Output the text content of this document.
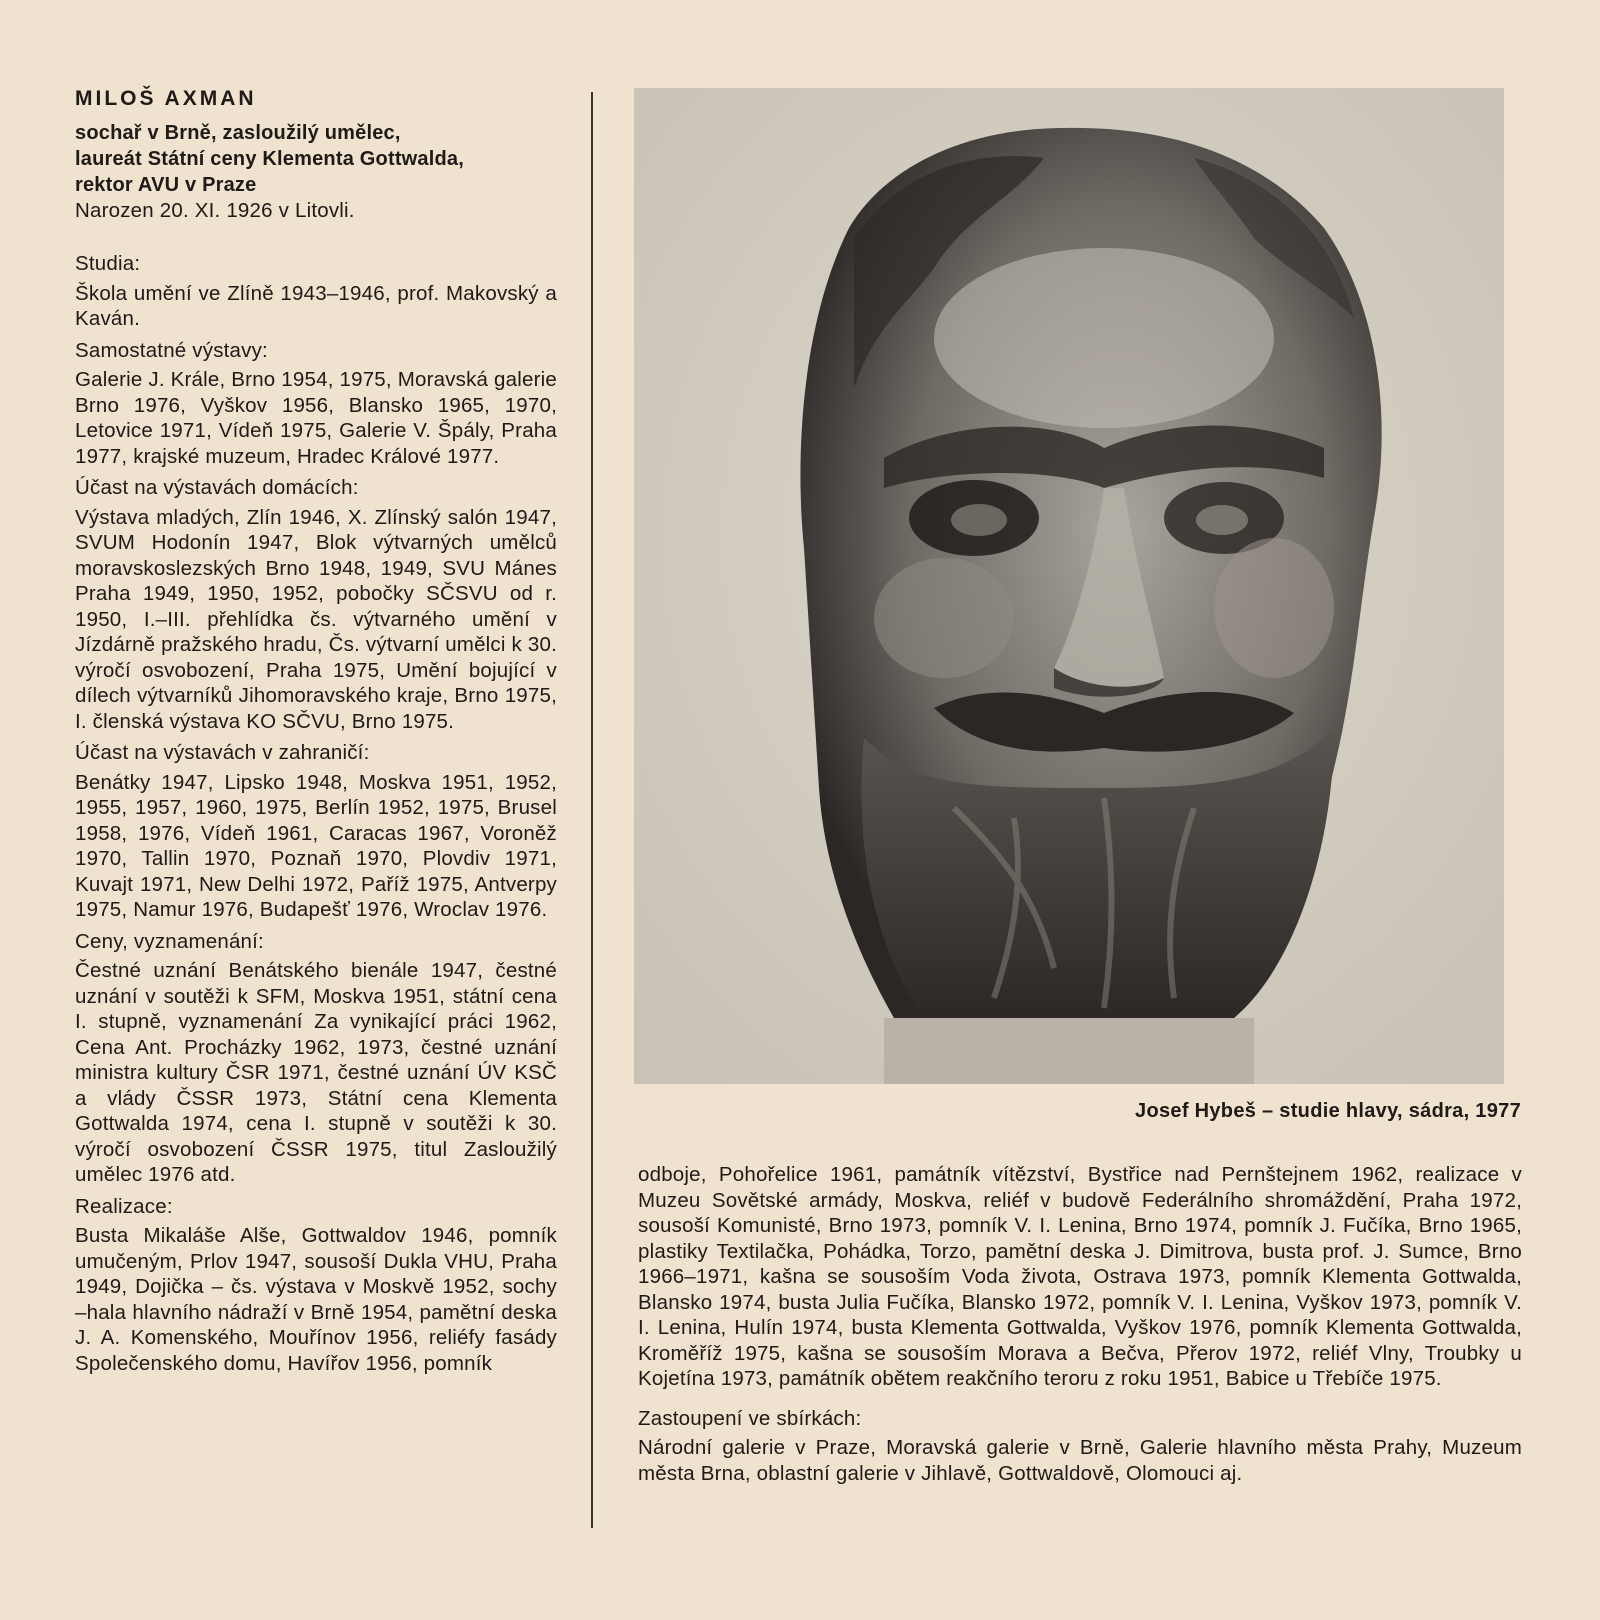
MILOŠ AXMAN
sochař v Brně, zasloužilý umělec,
laureát Státní ceny Klementa Gottwalda,
rektor AVU v Praze
Narozen 20. XI. 1926 v Litovli.
Studia:
Škola umění ve Zlíně 1943–1946, prof. Makovský a Kaván.
Samostatné výstavy:
Galerie J. Krále, Brno 1954, 1975, Moravská galerie Brno 1976, Vyškov 1956, Blansko 1965, 1970, Letovice 1971, Vídeň 1975, Galerie V. Špály, Praha 1977, krajské muzeum, Hradec Králové 1977.
Účast na výstavách domácích:
Výstava mladých, Zlín 1946, X. Zlínský salón 1947, SVUM Hodonín 1947, Blok výtvarných umělců moravskoslezských Brno 1948, 1949, SVU Mánes Praha 1949, 1950, 1952, pobočky SČSVU od r. 1950, I.–III. přehlídka čs. výtvarného umění v Jízdárně pražského hradu, Čs. výtvarní umělci k 30. výročí osvobození, Praha 1975, Umění bojující v dílech výtvarníků Jihomoravského kraje, Brno 1975, I. členská výstava KO SČVU, Brno 1975.
Účast na výstavách v zahraničí:
Benátky 1947, Lipsko 1948, Moskva 1951, 1952, 1955, 1957, 1960, 1975, Berlín 1952, 1975, Brusel 1958, 1976, Vídeň 1961, Caracas 1967, Voroněž 1970, Tallin 1970, Poznaň 1970, Plovdiv 1971, Kuvajt 1971, New Delhi 1972, Paříž 1975, Antverpy 1975, Namur 1976, Budapešť 1976, Wroclav 1976.
Ceny, vyznamenání:
Čestné uznání Benátského bienále 1947, čestné uznání v soutěži k SFM, Moskva 1951, státní cena I. stupně, vyznamenání Za vynikající práci 1962, Cena Ant. Procházky 1962, 1973, čestné uznání ministra kultury ČSR 1971, čestné uznání ÚV KSČ a vlády ČSSR 1973, Státní cena Klementa Gottwalda 1974, cena I. stupně v soutěži k 30. výročí osvobození ČSSR 1975, titul Zasloužilý umělec 1976 atd.
Realizace:
Busta Mikaláše Alše, Gottwaldov 1946, pomník umučeným, Prlov 1947, sousoší Dukla VHU, Praha 1949, Dojička – čs. výstava v Moskvě 1952, sochy –hala hlavního nádraží v Brně 1954, pamětní deska J. A. Komenského, Mouřínov 1956, reliéfy fasády Společenského domu, Havířov 1956, pomník
Josef Hybeš – studie hlavy, sádra, 1977
odboje, Pohořelice 1961, památník vítězství, Bystřice nad Pernštejnem 1962, realizace v Muzeu Sovětské armády, Moskva, reliéf v budově Federálního shromáždění, Praha 1972, sousoší Komunisté, Brno 1973, pomník V. I. Lenina, Brno 1974, pomník J. Fučíka, Brno 1965, plastiky Textilačka, Pohádka, Torzo, pamětní deska J. Dimitrova, busta prof. J. Sumce, Brno 1966–1971, kašna se sousoším Voda života, Ostrava 1973, pomník Klementa Gottwalda, Blansko 1974, busta Julia Fučíka, Blansko 1972, pomník V. I. Lenina, Vyškov 1973, pomník V. I. Lenina, Hulín 1974, busta Klementa Gottwalda, Vyškov 1976, pomník Klementa Gottwalda, Kroměříž 1975, kašna se sousoším Morava a Bečva, Přerov 1972, reliéf Vlny, Troubky u Kojetína 1973, památník obětem reakčního teroru z roku 1951, Babice u Třebíče 1975.
Zastoupení ve sbírkách:
Národní galerie v Praze, Moravská galerie v Brně, Galerie hlavního města Prahy, Muzeum města Brna, oblastní galerie v Jihlavě, Gottwaldově, Olomouci aj.
